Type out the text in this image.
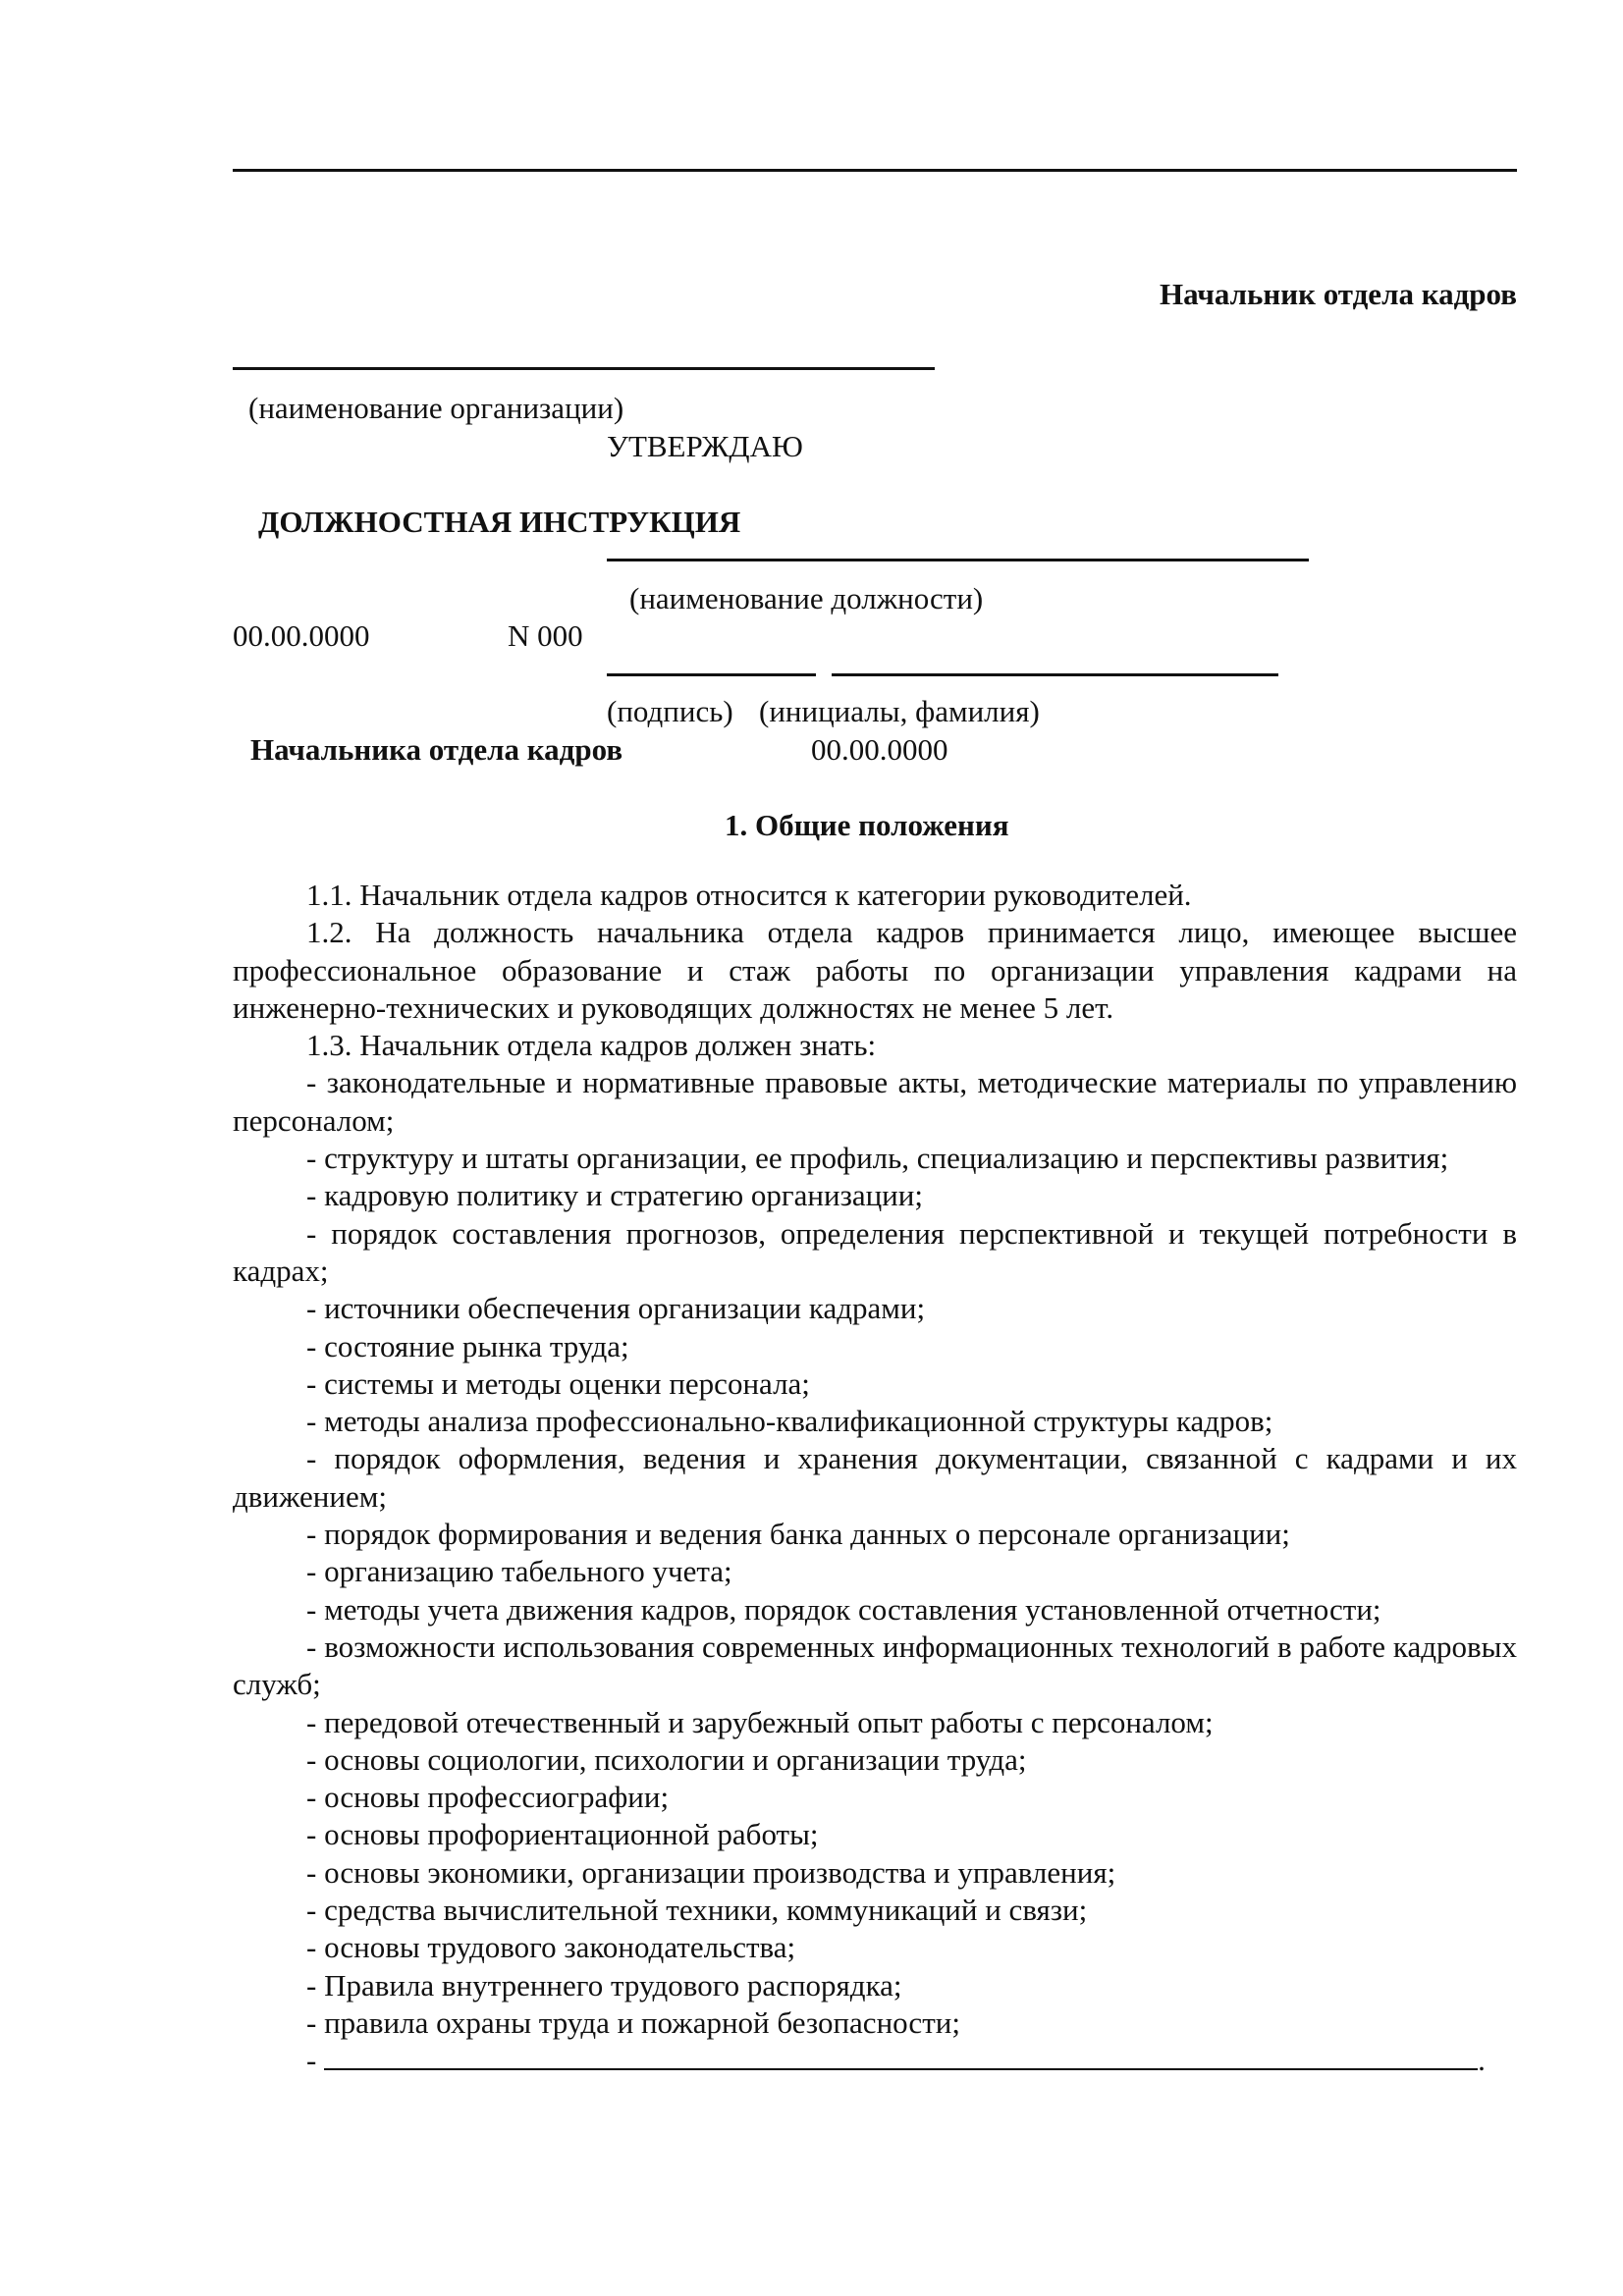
Начальник отдела кадров
(наименование организации)
УТВЕРЖДАЮ
ДОЛЖНОСТНАЯ ИНСТРУКЦИЯ
(наименование должности)
00.00.0000	N 000
(подпись) (инициалы, фамилия)
Начальника отдела кадров	00.00.0000
1. Общие положения

1.1. Начальник отдела кадров относится к категории руководителей.

1.2. На должность начальника отдела кадров принимается лицо, имеющее высшее профессиональное образование и стаж работы по организации управления кадрами на инженерно-технических и руководящих должностях не менее 5 лет.

1.3. Начальник отдела кадров должен знать:

- законодательные и нормативные правовые акты, методические материалы по управлению персоналом;

- структуру и штаты организации, ее профиль, специализацию и перспективы развития;

- кадровую политику и стратегию организации;

- порядок составления прогнозов, определения перспективной и текущей потребности в кадрах;

- источники обеспечения организации кадрами;

- состояние рынка труда;

- системы и методы оценки персонала;

- методы анализа профессионально-квалификационной структуры кадров;

- порядок оформления, ведения и хранения документации, связанной с кадрами и их движением;

- порядок формирования и ведения банка данных о персонале организации;

- организацию табельного учета;

- методы учета движения кадров, порядок составления установленной отчетности;

- возможности использования современных информационных технологий в работе кадровых служб;

- передовой отечественный и зарубежный опыт работы с персоналом;

- основы социологии, психологии и организации труда;

- основы профессиографии;

- основы профориентационной работы;

- основы экономики, организации производства и управления;

- средства вычислительной техники, коммуникаций и связи;

- основы трудового законодательства;

- Правила внутреннего трудового распорядка;

- правила охраны труда и пожарной безопасности;

-	.
